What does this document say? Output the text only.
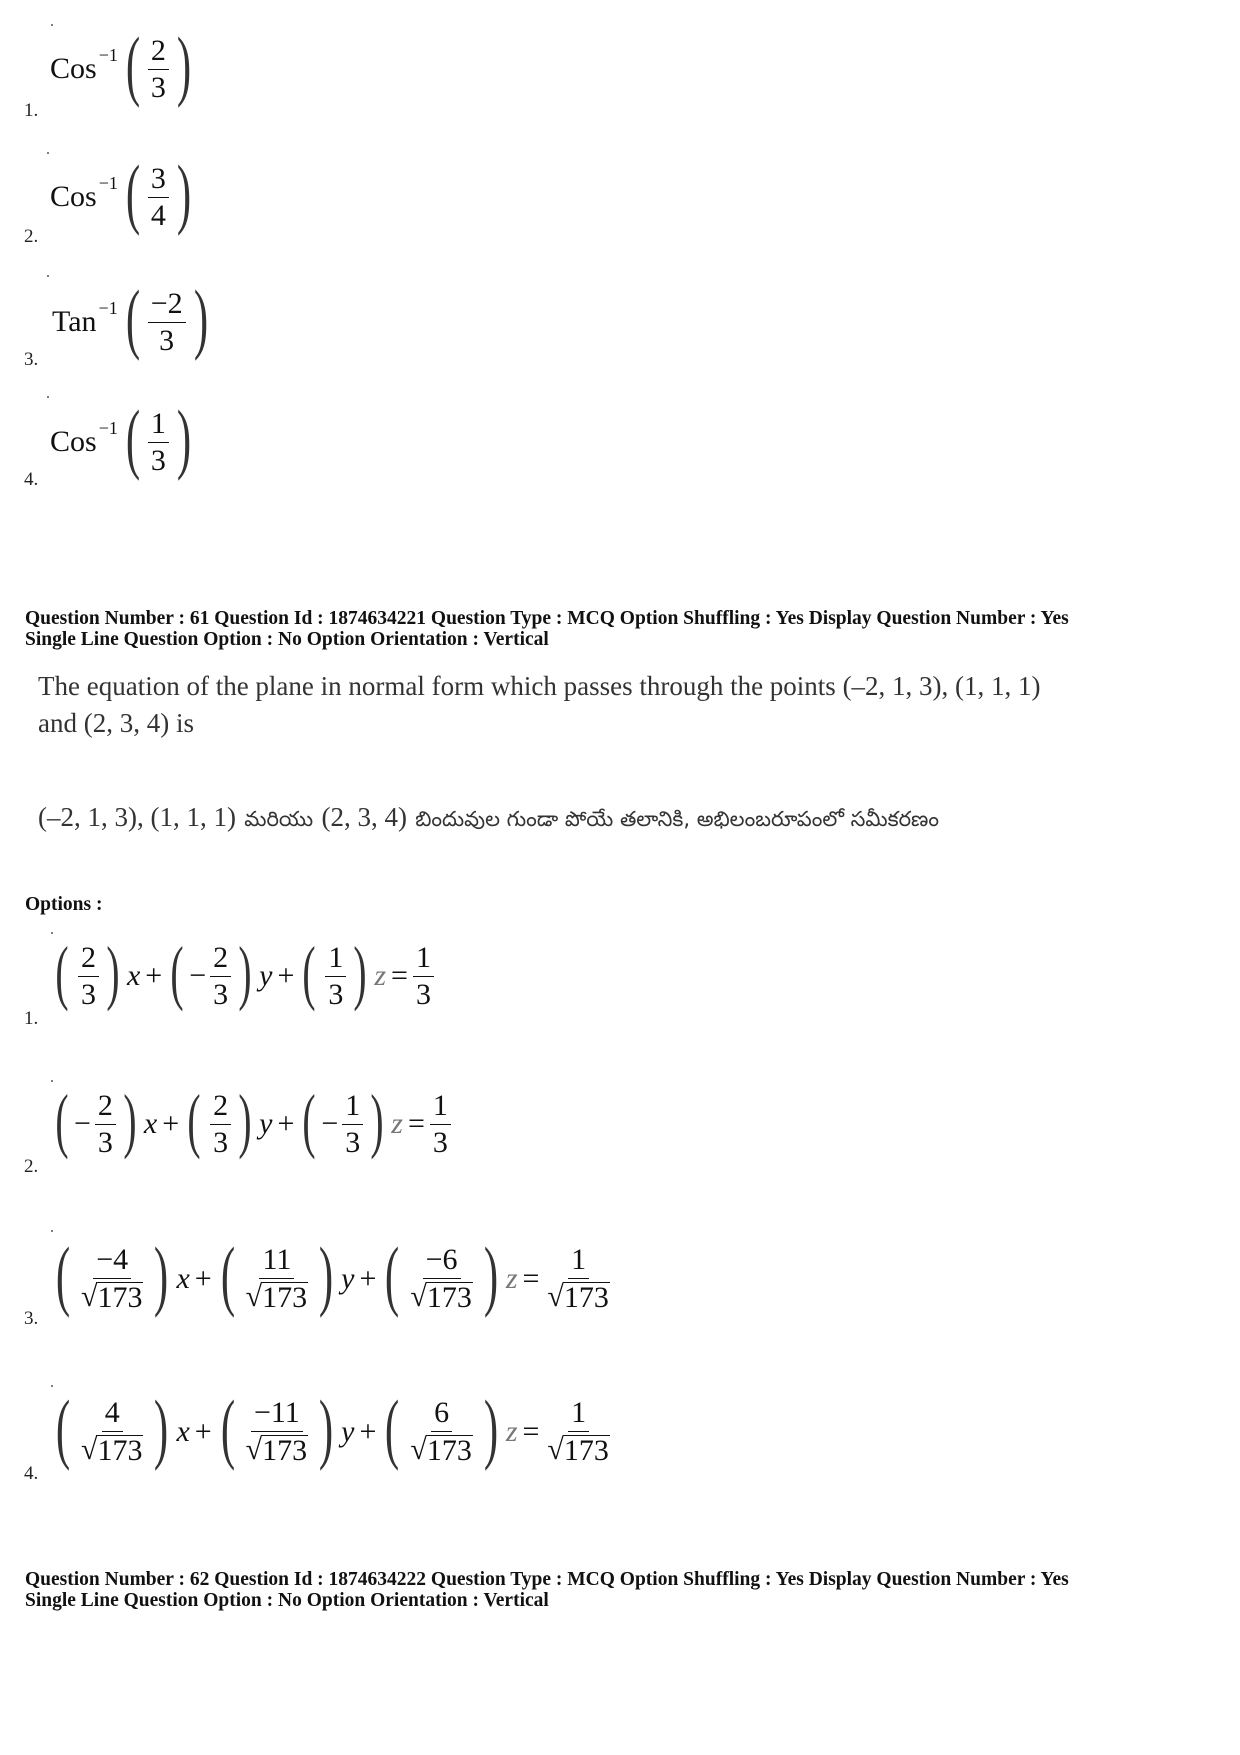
1.
Cos −1 ( $\frac{2}{3}$ )
2.
Cos −1 ( $\frac{3}{4}$ )
3.
Tan −1 ( $\frac{-2}{3}$ )
4.
Cos −1 ( $\frac{1}{3}$ )
Question Number : 61 Question Id : 1874634221 Question Type : MCQ Option Shuffling : Yes Display Question Number : Yes
Single Line Question Option : No Option Orientation : Vertical
The equation of the plane in normal form which passes through the points (–2, 1, 3), (1, 1, 1)
and (2, 3, 4) is
(–2, 1, 3), (1, 1, 1) మరియు (2, 3, 4) బిందువుల గుండా పోయే తలానికి, అభిలంబరూపంలో సమీకరణం
Options :
1.
( $\frac{2}{3}$ ) x + ( − $\frac{2}{3}$ ) y + ( $\frac{1}{3}$ ) $z = \frac{1}{3}$
2.
( − $\frac{2}{3}$ ) x + ( $\frac{2}{3}$ ) y + ( − $\frac{1}{3}$ ) $z = \frac{1}{3}$
3.
( $\frac{-4}{√ 173}$ ) x + ( $\frac{11}{√ 173}$ ) y + ( $\frac{-6}{√ 173}$ ) $z = \frac{1}{√ 173}$
4.
( $\frac{4}{√ 173}$ ) x + ( $\frac{-11}{√ 173}$ ) y + ( $\frac{6}{√ 173}$ ) $z = \frac{1}{√ 173}$
Question Number : 62 Question Id : 1874634222 Question Type : MCQ Option Shuffling : Yes Display Question Number : Yes
Single Line Question Option : No Option Orientation : Vertical
